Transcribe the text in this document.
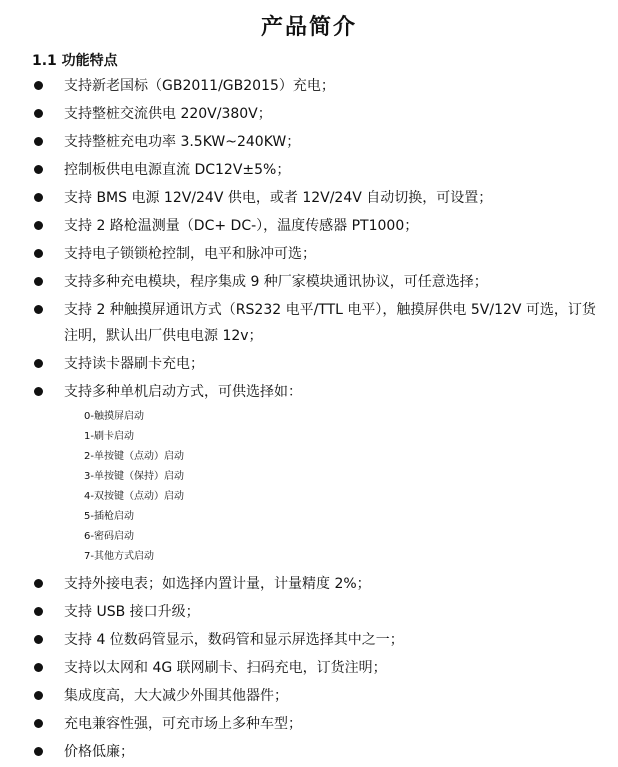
产品简介
1.1 功能特点
支持新老国标（GB2011/GB2015）充电；
支持整桩交流供电 220V/380V；
支持整桩充电功率 3.5KW~240KW；
控制板供电电源直流 DC12V±5%；
支持 BMS 电源 12V/24V 供电，或者 12V/24V 自动切换，可设置；
支持 2 路枪温测量（DC+ DC-），温度传感器 PT1000；
支持电子锁锁枪控制，电平和脉冲可选；
支持多种充电模块，程序集成 9 种厂家模块通讯协议，可任意选择；
支持 2 种触摸屏通讯方式（RS232 电平/TTL 电平），触摸屏供电 5V/12V 可选，订货注明，默认出厂供电电源 12v；
支持读卡器刷卡充电；
支持多种单机启动方式，可供选择如：
0-触摸屏启动
1-刷卡启动
2-单按键（点动）启动
3-单按键（保持）启动
4-双按键（点动）启动
5-插枪启动
6-密码启动
7-其他方式启动
支持外接电表；如选择内置计量，计量精度 2%；
支持 USB 接口升级；
支持 4 位数码管显示，数码管和显示屏选择其中之一；
支持以太网和 4G 联网刷卡、扫码充电，订货注明；
集成度高，大大减少外围其他器件；
充电兼容性强，可充市场上多种车型；
价格低廉；
